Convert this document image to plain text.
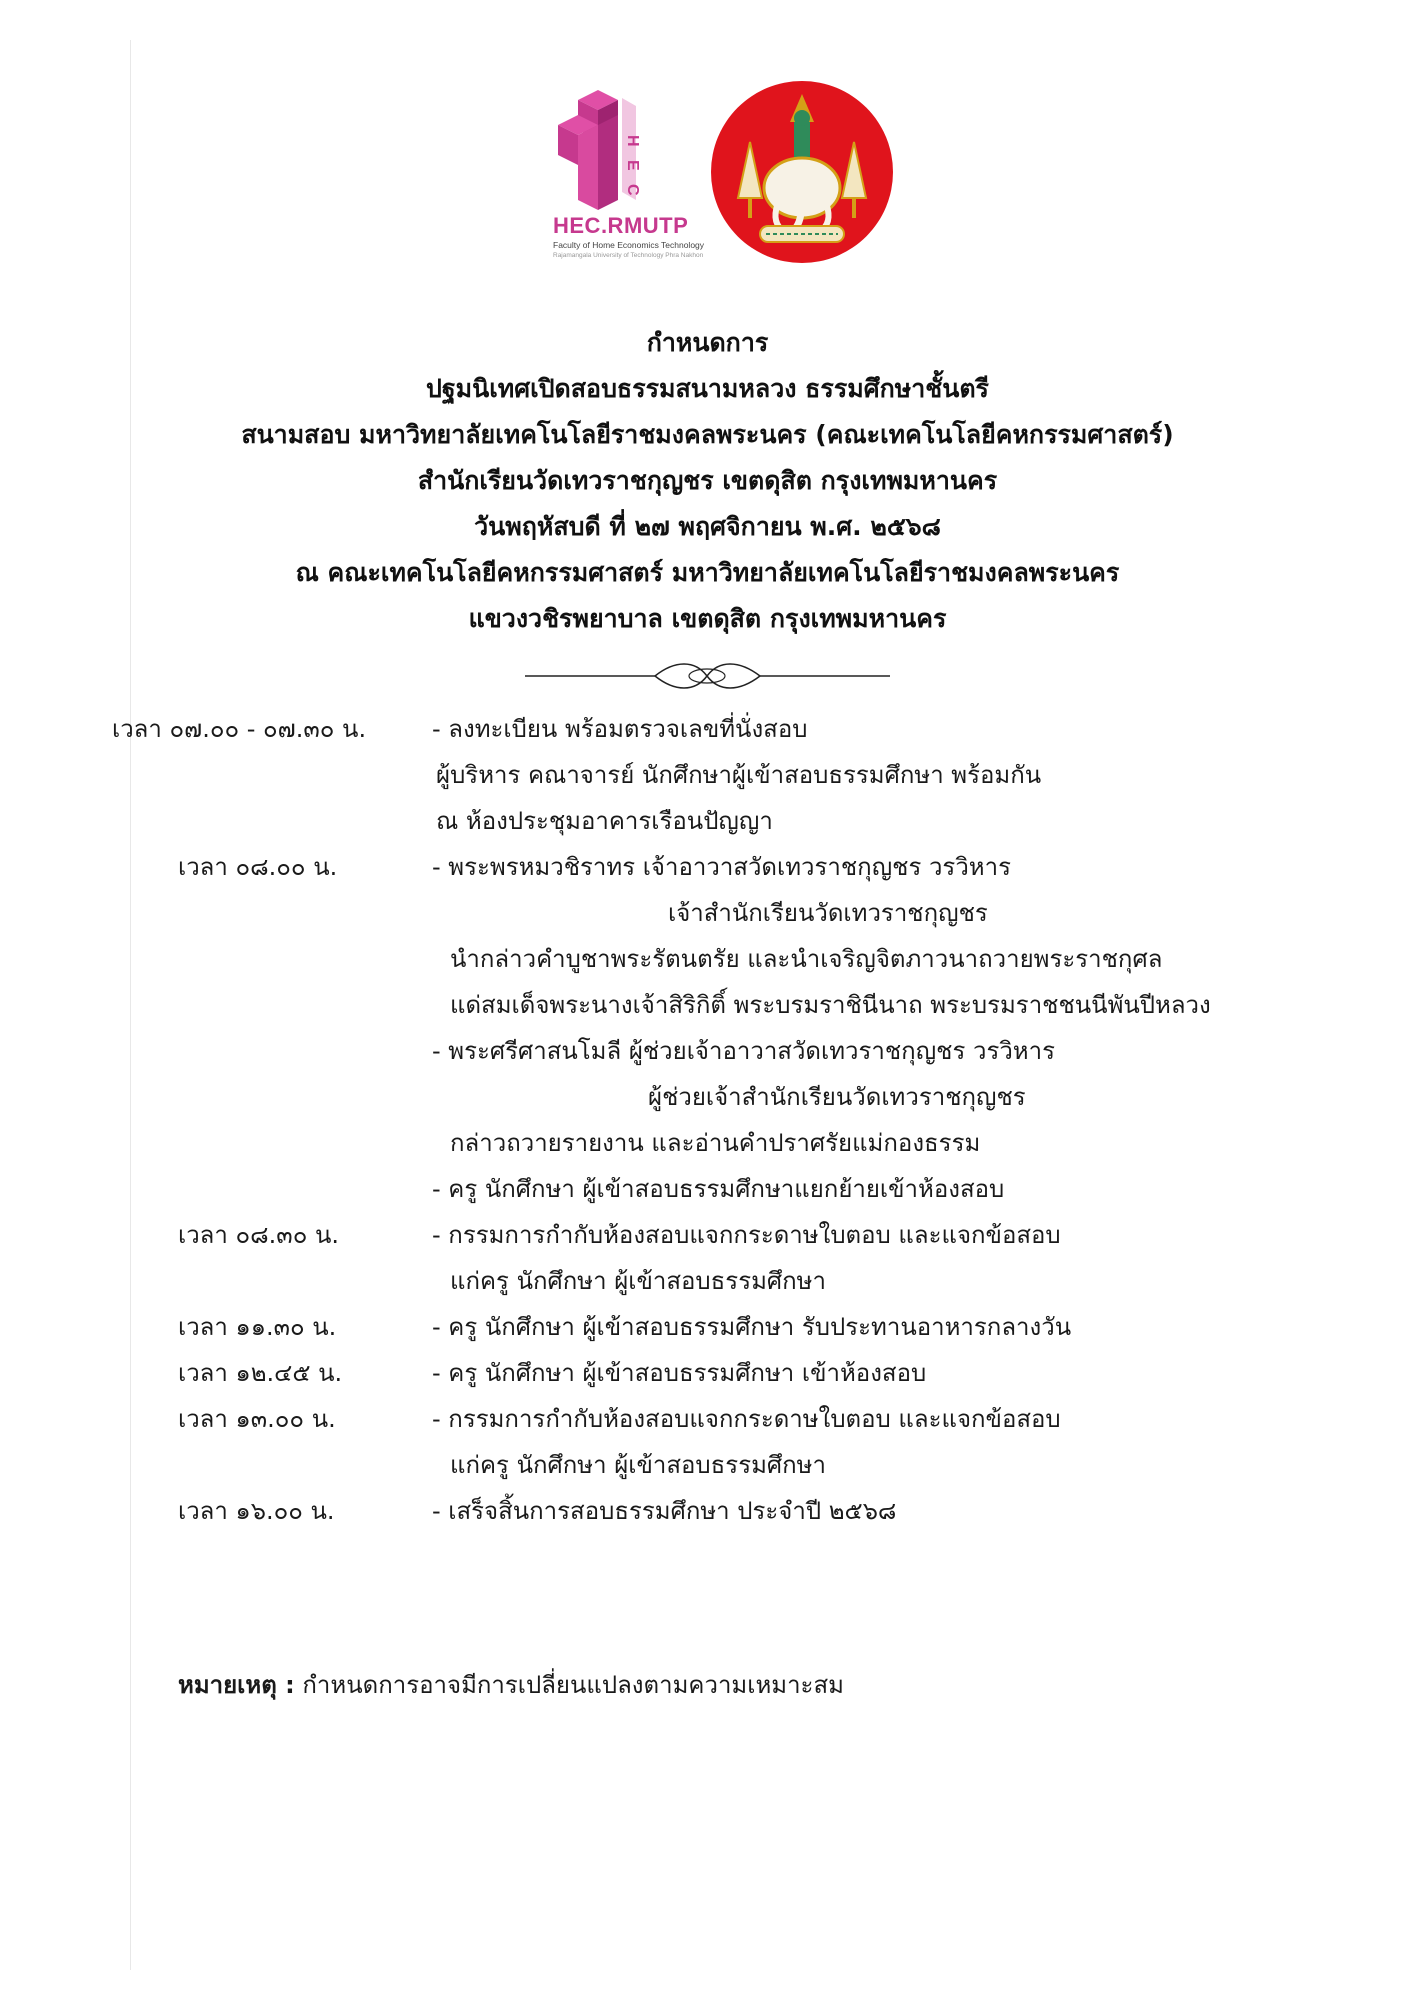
H
E
C
HEC.RMUTP
Faculty of Home Economics Technology
Rajamangala University of Technology Phra Nakhon
กำหนดการ
ปฐมนิเทศเปิดสอบธรรมสนามหลวง ธรรมศึกษาชั้นตรี
สนามสอบ มหาวิทยาลัยเทคโนโลยีราชมงคลพระนคร (คณะเทคโนโลยีคหกรรมศาสตร์)
สำนักเรียนวัดเทวราชกุญชร เขตดุสิต กรุงเทพมหานคร
วันพฤหัสบดี ที่ ๒๗ พฤศจิกายน พ.ศ. ๒๕๖๘
ณ คณะเทคโนโลยีคหกรรมศาสตร์ มหาวิทยาลัยเทคโนโลยีราชมงคลพระนคร
แขวงวชิรพยาบาล เขตดุสิต กรุงเทพมหานคร
เวลา ๐๗.๐๐ - ๐๗.๓๐ น.	- ลงทะเบียน พร้อมตรวจเลขที่นั่งสอบ
ผู้บริหาร คณาจารย์ นักศึกษาผู้เข้าสอบธรรมศึกษา พร้อมกัน
ณ ห้องประชุมอาคารเรือนปัญญา
เวลา ๐๘.๐๐ น.	- พระพรหมวชิราทร เจ้าอาวาสวัดเทวราชกุญชร วรวิหาร
เจ้าสำนักเรียนวัดเทวราชกุญชร
นำกล่าวคำบูชาพระรัตนตรัย และนำเจริญจิตภาวนาถวายพระราชกุศล
แด่สมเด็จพระนางเจ้าสิริกิติ์ พระบรมราชินีนาถ พระบรมราชชนนีพันปีหลวง
- พระศรีศาสนโมลี ผู้ช่วยเจ้าอาวาสวัดเทวราชกุญชร วรวิหาร
ผู้ช่วยเจ้าสำนักเรียนวัดเทวราชกุญชร
กล่าวถวายรายงาน และอ่านคำปราศรัยแม่กองธรรม
- ครู นักศึกษา ผู้เข้าสอบธรรมศึกษาแยกย้ายเข้าห้องสอบ
เวลา ๐๘.๓๐ น.	- กรรมการกำกับห้องสอบแจกกระดาษใบตอบ และแจกข้อสอบ
แก่ครู นักศึกษา ผู้เข้าสอบธรรมศึกษา
เวลา ๑๑.๓๐ น.	- ครู นักศึกษา ผู้เข้าสอบธรรมศึกษา รับประทานอาหารกลางวัน
เวลา ๑๒.๔๕ น.	- ครู นักศึกษา ผู้เข้าสอบธรรมศึกษา เข้าห้องสอบ
เวลา ๑๓.๐๐ น.	- กรรมการกำกับห้องสอบแจกกระดาษใบตอบ และแจกข้อสอบ
แก่ครู นักศึกษา ผู้เข้าสอบธรรมศึกษา
เวลา ๑๖.๐๐ น.	- เสร็จสิ้นการสอบธรรมศึกษา ประจำปี ๒๕๖๘
หมายเหตุ : กำหนดการอาจมีการเปลี่ยนแปลงตามความเหมาะสม
